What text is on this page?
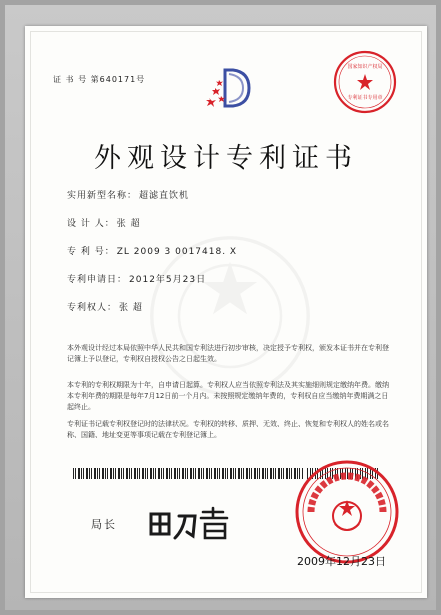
证 书 号 第640171号
国家知识产权局
专利证书专用章
外观设计专利证书
实用新型名称： 超滤直饮机
设 计 人： 张 超
专 利 号： ZL 2009 3 0017418. X
专利申请日： 2012年5月23日
专利权人： 张 超
本外观设计经过本局依照中华人民共和国专利法进行初步审核，决定授予专利权，颁发本证书并在专利登记簿上予以登记，专利权自授权公告之日起生效。
本专利的专利权期限为十年，自申请日起算。专利权人应当依照专利法及其实施细则规定缴纳年费。缴纳本专利年费的期限是每年7月12日前一个月内。未按照规定缴纳年费的，专利权自应当缴纳年费期满之日起终止。
专利证书记载专利权登记时的法律状况。专利权的转移、质押、无效、终止、恢复和专利权人的姓名或名称、国籍、地址变更等事项记载在专利登记簿上。
局长
2009年12月23日
